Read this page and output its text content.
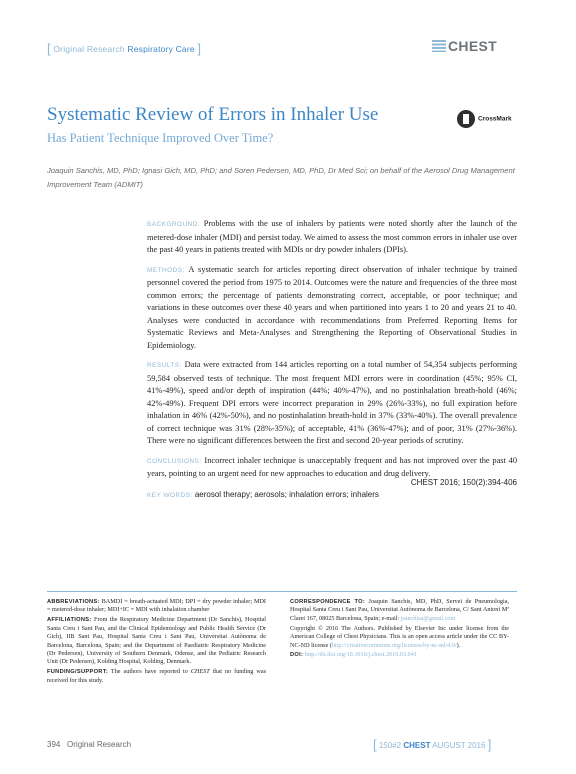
[ Original Research Respiratory Care ]	CHEST
Systematic Review of Errors in Inhaler Use
Has Patient Technique Improved Over Time?
CrossMark
Joaquin Sanchis, MD, PhD; Ignasi Gich, MD, PhD; and Soren Pedersen, MD, PhD, Dr Med Sci; on behalf of the Aerosol Drug Management Improvement Team (ADMIT)

BACKGROUND: Problems with the use of inhalers by patients were noted shortly after the launch of the metered-dose inhaler (MDI) and persist today. We aimed to assess the most common errors in inhaler use over the past 40 years in patients treated with MDIs or dry powder inhalers (DPIs).

METHODS: A systematic search for articles reporting direct observation of inhaler technique by trained personnel covered the period from 1975 to 2014. Outcomes were the nature and frequencies of the three most common errors; the percentage of patients demonstrating correct, acceptable, or poor technique; and variations in these outcomes over these 40 years and when partitioned into years 1 to 20 and years 21 to 40. Analyses were conducted in accordance with recommendations from Preferred Reporting Items for Systematic Reviews and Meta-Analyses and Strengthening the Reporting of Observational Studies in Epidemiology.

RESULTS: Data were extracted from 144 articles reporting on a total number of 54,354 subjects performing 59,584 observed tests of technique. The most frequent MDI errors were in coordination (45%; 95% CI, 41%-49%), speed and/or depth of inspiration (44%; 40%-47%), and no postinhalation breath-hold (46%; 42%-49%). Frequent DPI errors were incorrect preparation in 29% (26%-33%), no full expiration before inhalation in 46% (42%-50%), and no postinhalation breath-hold in 37% (33%-40%). The overall prevalence of correct technique was 31% (28%-35%); of acceptable, 41% (36%-47%); and of poor, 31% (27%-36%). There were no significant differences between the first and second 20-year periods of scrutiny.

CONCLUSIONS: Incorrect inhaler technique is unacceptably frequent and has not improved over the past 40 years, pointing to an urgent need for new approaches to education and drug delivery.

CHEST 2016; 150(2):394-406

KEY WORDS: aerosol therapy; aerosols; inhalation errors; inhalers

ABBREVIATIONS: BAMDI = breath-actuated MDI; DPI = dry powder inhaler; MDI = metered-dose inhaler; MDI+IC = MDI with inhalation chamber

AFFILIATIONS: From the Respiratory Medicine Department (Dr Sanchis), Hospital Santa Creu i Sant Pau, and the Clinical Epidemiology and Public Health Service (Dr Gich), IIB Sant Pau, Hospital Santa Creu i Sant Pau, Universitat Autònoma de Barcelona, Barcelona, Spain; and the Department of Paediatric Respiratory Medicine (Dr Pedersen), University of Southern Denmark, Odense, and the Pediatric Research Unit (Dr Pedersen), Kolding Hospital, Kolding, Denmark.

FUNDING/SUPPORT: The authors have reported to CHEST that no funding was received for this study.

CORRESPONDENCE TO: Joaquin Sanchis, MD, PhD, Servei de Pneumologia, Hospital Santa Creu i Sant Pau, Universitat Autònoma de Barcelona, C/ Sant Antoni Mª Claret 167, 08025 Barcelona, Spain; e-mail: jsanchisa@gmail.com

Copyright © 2016 The Authors. Published by Elsevier Inc under license from the American College of Chest Physicians. This is an open access article under the CC BY-NC-ND license (http://creativecommons.org/licenses/by-nc-nd/4.0/).

DOI: http://dx.doi.org/10.1016/j.chest.2016.03.041

394 Original Research	[ 150#2 CHEST AUGUST 2016 ]
